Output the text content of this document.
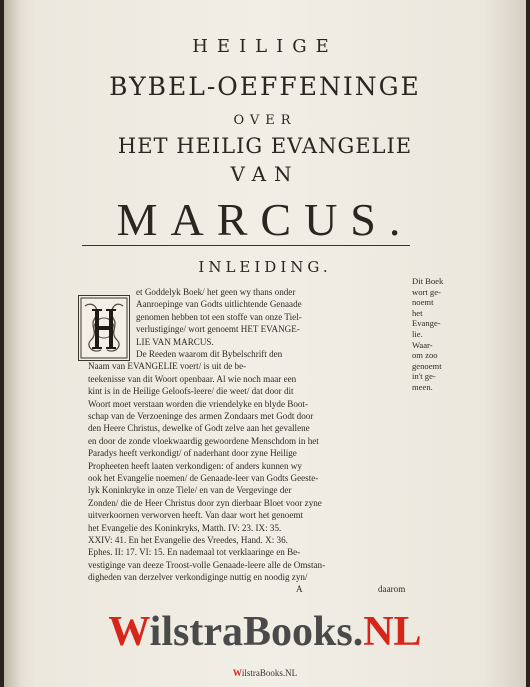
HEILIGE
BYBEL-OEFFENINGE
OVER
HET HEILIG EVANGELIE
VAN
MARCUS.
INLEIDING.
et Goddelyk Boek/ het geen wy thans onder
Aanroepinge van Godts uitlichtende Genaade
genomen hebben tot een stoffe van onze Tiel-
verlustiginge/ wort genoemt HET EVANGE-
LIE VAN MARCUS.
De Reeden waarom dit Bybelschrift den
Naam van EVANGELIE voert/ is uit de be-
teekenisse van dit Woort openbaar. Al wie noch maar een
kint is in de Heilige Geloofs-leere/ die weet/ dat door dit
Woort moet verstaan worden die vriendelyke en blyde Boot-
schap van de Verzoeninge des armen Zondaars met Godt door
den Heere Christus, dewelke of Godt zelve aan het gevallene
en door de zonde vloekwaardig gewoordene Menschdom in het
Paradys heeft verkondigt/ of naderhant door zyne Heilige
Propheeten heeft laaten verkondigen: of anders kunnen wy
ook het Evangelie noemen/ de Genaade-leer van Godts Geeste-
lyk Koninkryke in onze Tiele/ en van de Vergevinge der
Zonden/ die de Heer Christus door zyn dierbaar Bloet voor zyne
uitverkoornen verworven heeft. Van daar wort het genoemt
het Evangelie des Koninkryks, Matth. IV: 23. IX: 35.
XXIV: 41. En het Evangelie des Vreedes, Hand. X: 36.
Ephes. II: 17. VI: 15. En nademaal tot verklaaringe en Be-
vestiginge van deeze Troost-volle Genaade-leere alle de Omstan-
digheden van derzelver verkondiginge nuttig en noodig zyn/
Dit Boek
wort ge-
noemt
het
Evange-
lie.
Waar-
om zoo
genoemt
in't ge-
meen.
A	daarom
WilstraBooks.NL
WilstraBooks.NL
